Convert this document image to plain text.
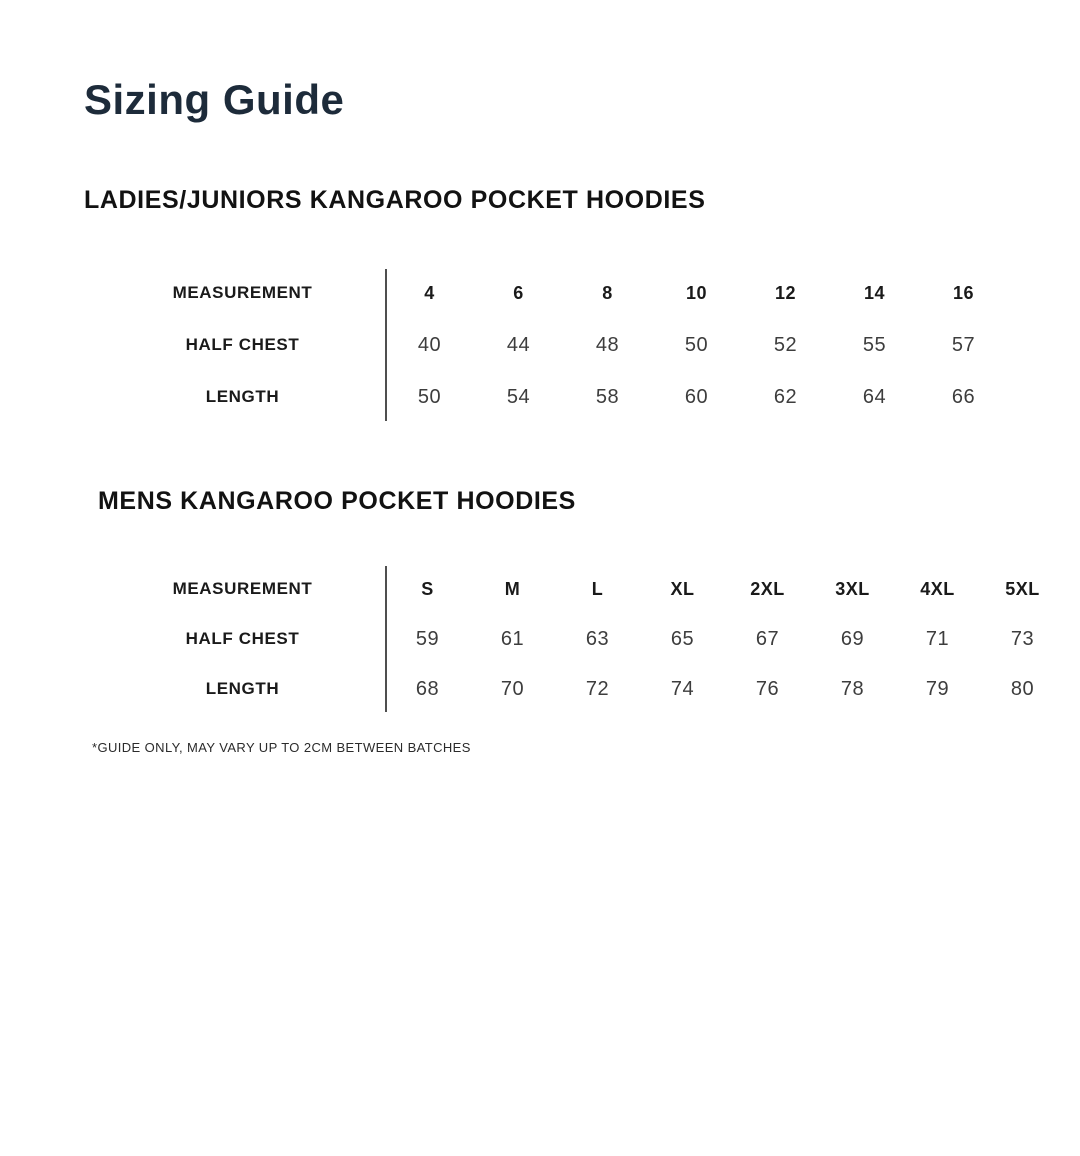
Sizing Guide
LADIES/JUNIORS KANGAROO POCKET HOODIES
MEASUREMENT	4	6	8	10	12	14	16
HALF CHEST	40	44	48	50	52	55	57
LENGTH	50	54	58	60	62	64	66
MENS KANGAROO POCKET HOODIES
MEASUREMENT	S	M	L	XL	2XL	3XL	4XL	5XL
HALF CHEST	59	61	63	65	67	69	71	73
LENGTH	68	70	72	74	76	78	79	80

*GUIDE ONLY, MAY VARY UP TO 2CM BETWEEN BATCHES
